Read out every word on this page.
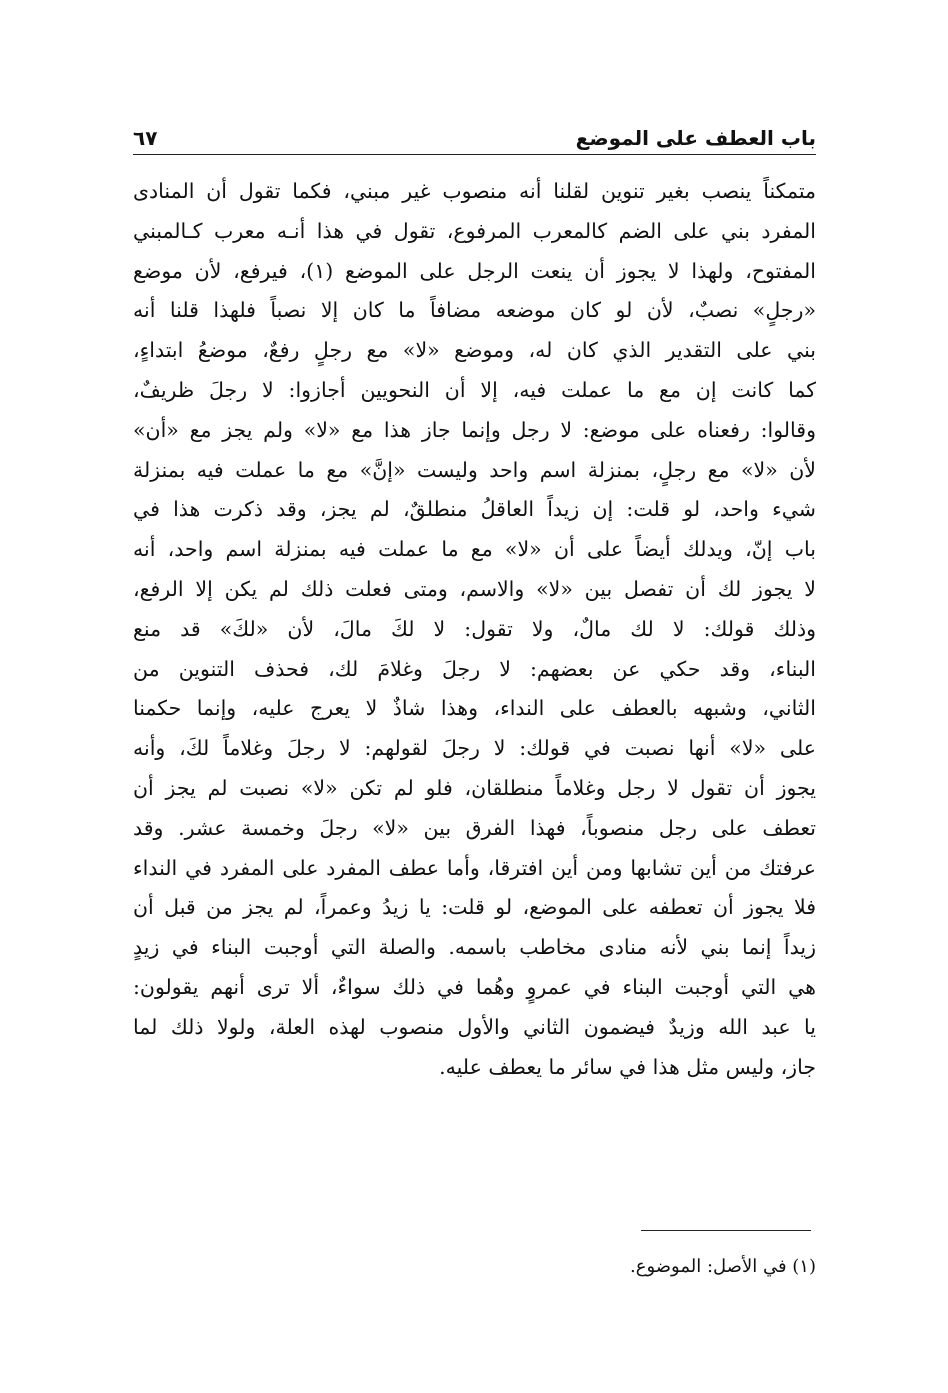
باب العطف على الموضع
٦٧
متمكناً ينصب بغير تنوين لقلنا أنه منصوب غير مبني، فكما تقول أن المنادى
المفرد بني على الضم كالمعرب المرفوع، تقول في هذا أنـه معرب كـالمبني
المفتوح، ولهذا لا يجوز أن ينعت الرجل على الموضع (١)، فيرفع، لأن موضع
«رجلٍ» نصبٌ، لأن لو كان موضعه مضافاً ما كان إلا نصباً فلهذا قلنا أنه
بني على التقدير الذي كان له، وموضع «لا» مع رجلٍ رفعٌ، موضعُ ابتداءٍ،
كما كانت إن مع ما عملت فيه، إلا أن النحويين أجازوا: لا رجلَ ظريفٌ،
وقالوا: رفعناه على موضع: لا رجل وإنما جاز هذا مع «لا» ولم يجز مع «أن»
لأن «لا» مع رجلٍ، بمنزلة اسم واحد وليست «إنَّ» مع ما عملت فيه بمنزلة
شيء واحد، لو قلت: إن زيداً العاقلُ منطلقٌ، لم يجز، وقد ذكرت هذا في
باب إنّ، ويدلك أيضاً على أن «لا» مع ما عملت فيه بمنزلة اسم واحد، أنه
لا يجوز لك أن تفصل بين «لا» والاسم، ومتى فعلت ذلك لم يكن إلا الرفع،
وذلك قولك: لا لك مالٌ، ولا تقول: لا لكَ مالَ، لأن «لكَ» قد منع
البناء، وقد حكي عن بعضهم: لا رجلَ وغلامَ لك، فحذف التنوين من
الثاني، وشبهه بالعطف على النداء، وهذا شاذٌ لا يعرج عليه، وإنما حكمنا
على «لا» أنها نصبت في قولك: لا رجلَ لقولهم: لا رجلَ وغلاماً لكَ، وأنه
يجوز أن تقول لا رجل وغلاماً منطلقان، فلو لم تكن «لا» نصبت لم يجز أن
تعطف على رجل منصوباً، فهذا الفرق بين «لا» رجلَ وخمسة عشر. وقد
عرفتك من أين تشابها ومن أين افترقا، وأما عطف المفرد على المفرد في النداء
فلا يجوز أن تعطفه على الموضع، لو قلت: يا زيدُ وعمراً، لم يجز من قبل أن
زيداً إنما بني لأنه منادى مخاطب باسمه. والصلة التي أوجبت البناء في زيدٍ
هي التي أوجبت البناء في عمروٍ وهُما في ذلك سواءٌ، ألا ترى أنهم يقولون:
يا عبد الله وزيدٌ فيضمون الثاني والأول منصوب لهذه العلة، ولولا ذلك لما
جاز، وليس مثل هذا في سائر ما يعطف عليه.
(١) في الأصل: الموضوع.
